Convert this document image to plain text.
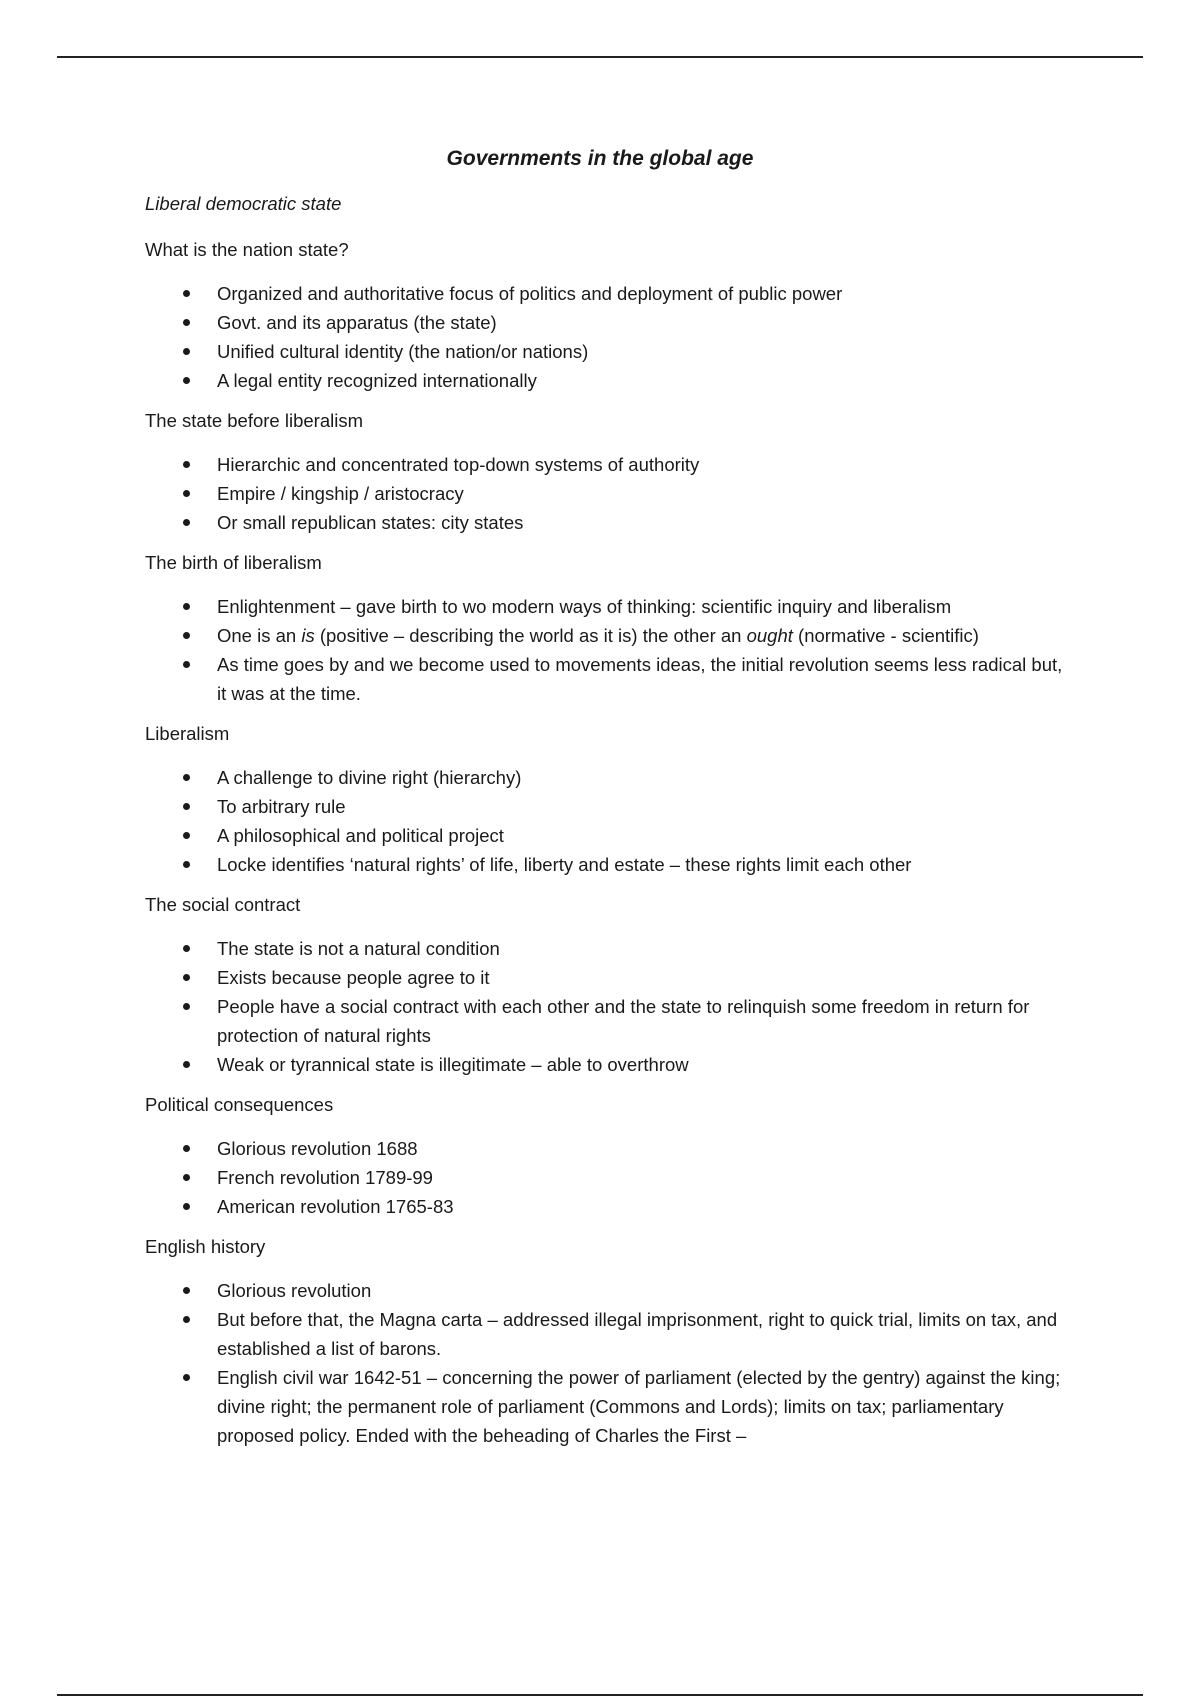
Governments in the global age
Liberal democratic state
What is the nation state?
Organized and authoritative focus of politics and deployment of public power
Govt. and its apparatus (the state)
Unified cultural identity (the nation/or nations)
A legal entity recognized internationally
The state before liberalism
Hierarchic and concentrated top-down systems of authority
Empire / kingship / aristocracy
Or small republican states: city states
The birth of liberalism
Enlightenment – gave birth to wo modern ways of thinking: scientific inquiry and liberalism
One is an is (positive – describing the world as it is) the other an ought (normative - scientific)
As time goes by and we become used to movements ideas, the initial revolution seems less radical but, it was at the time.
Liberalism
A challenge to divine right (hierarchy)
To arbitrary rule
A philosophical and political project
Locke identifies ‘natural rights’ of life, liberty and estate – these rights limit each other
The social contract
The state is not a natural condition
Exists because people agree to it
People have a social contract with each other and the state to relinquish some freedom in return for protection of natural rights
Weak or tyrannical state is illegitimate – able to overthrow
Political consequences
Glorious revolution 1688
French revolution 1789-99
American revolution 1765-83
English history
Glorious revolution
But before that, the Magna carta – addressed illegal imprisonment, right to quick trial, limits on tax, and established a list of barons.
English civil war 1642-51 – concerning the power of parliament (elected by the gentry) against the king; divine right; the permanent role of parliament (Commons and Lords); limits on tax; parliamentary proposed policy. Ended with the beheading of Charles the First –
